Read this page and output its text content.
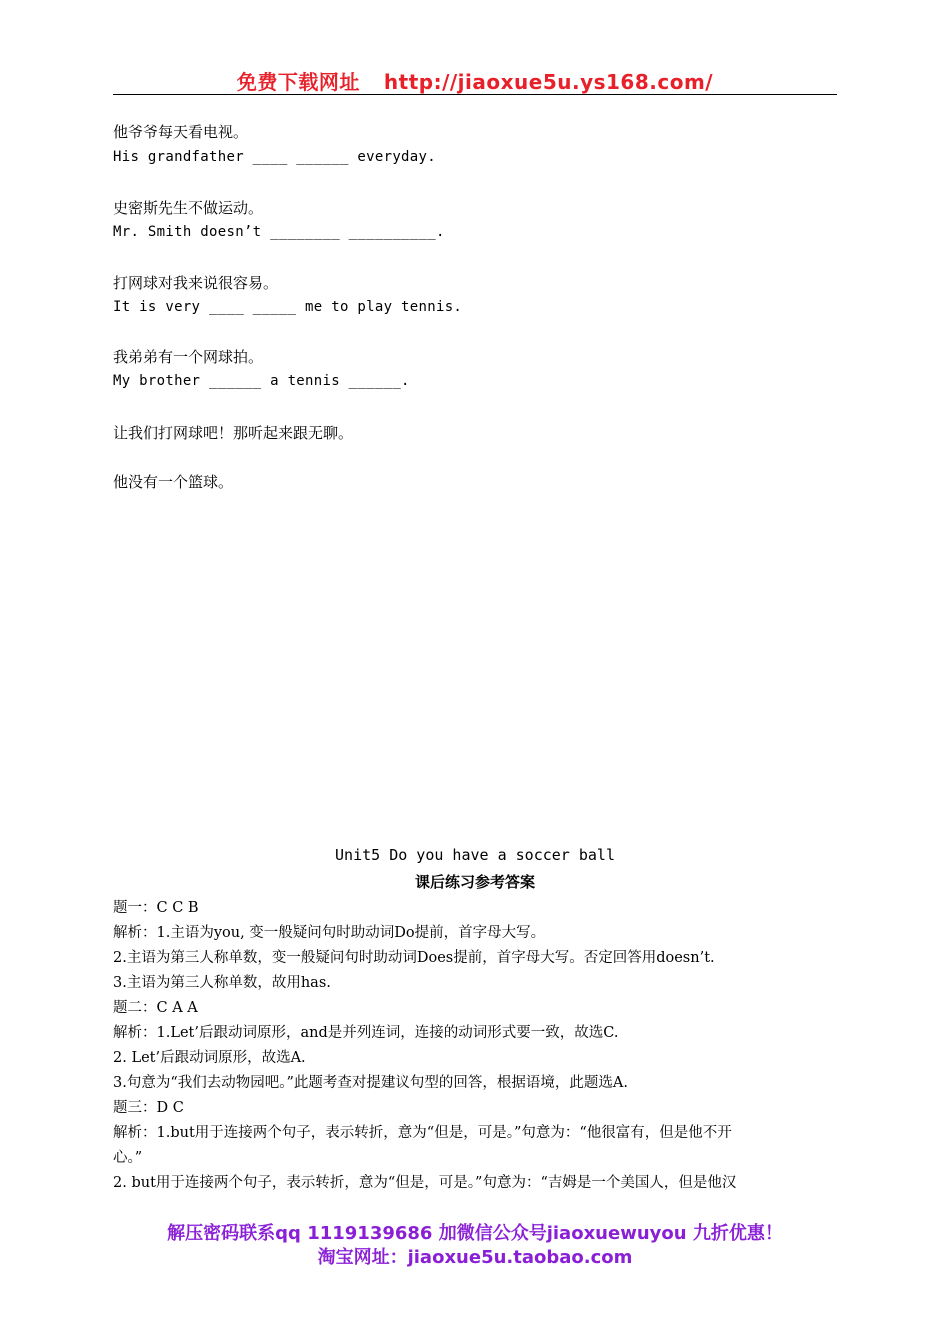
免费下载网址 http://jiaoxue5u.ys168.com/
他爷爷每天看电视。
His grandfather ____ ______ everyday.
史密斯先生不做运动。
Mr. Smith doesn’t ________ __________.
打网球对我来说很容易。
It is very ____ _____ me to play tennis.
我弟弟有一个网球拍。
My brother ______ a tennis ______.
让我们打网球吧！那听起来跟无聊。
他没有一个篮球。
Unit5 Do you have a soccer ball
课后练习参考答案
题一：C C B
解析：1.主语为you, 变一般疑问句时助动词Do提前，首字母大写。
2.主语为第三人称单数，变一般疑问句时助动词Does提前，首字母大写。否定回答用doesn’t.
3.主语为第三人称单数，故用has.
题二：C A A
解析：1.Let’后跟动词原形，and是并列连词，连接的动词形式要一致，故选C.
2. Let’后跟动词原形，故选A.
3.句意为“我们去动物园吧。”此题考查对提建议句型的回答，根据语境，此题选A.
题三：D C
解析：1.but用于连接两个句子，表示转折，意为“但是，可是。”句意为：“他很富有，但是他不开
心。”
2. but用于连接两个句子，表示转折，意为“但是，可是。”句意为：“吉姆是一个美国人，但是他汉
解压密码联系qq 1119139686 加微信公众号jiaoxuewuyou 九折优惠！
淘宝网址：jiaoxue5u.taobao.com
